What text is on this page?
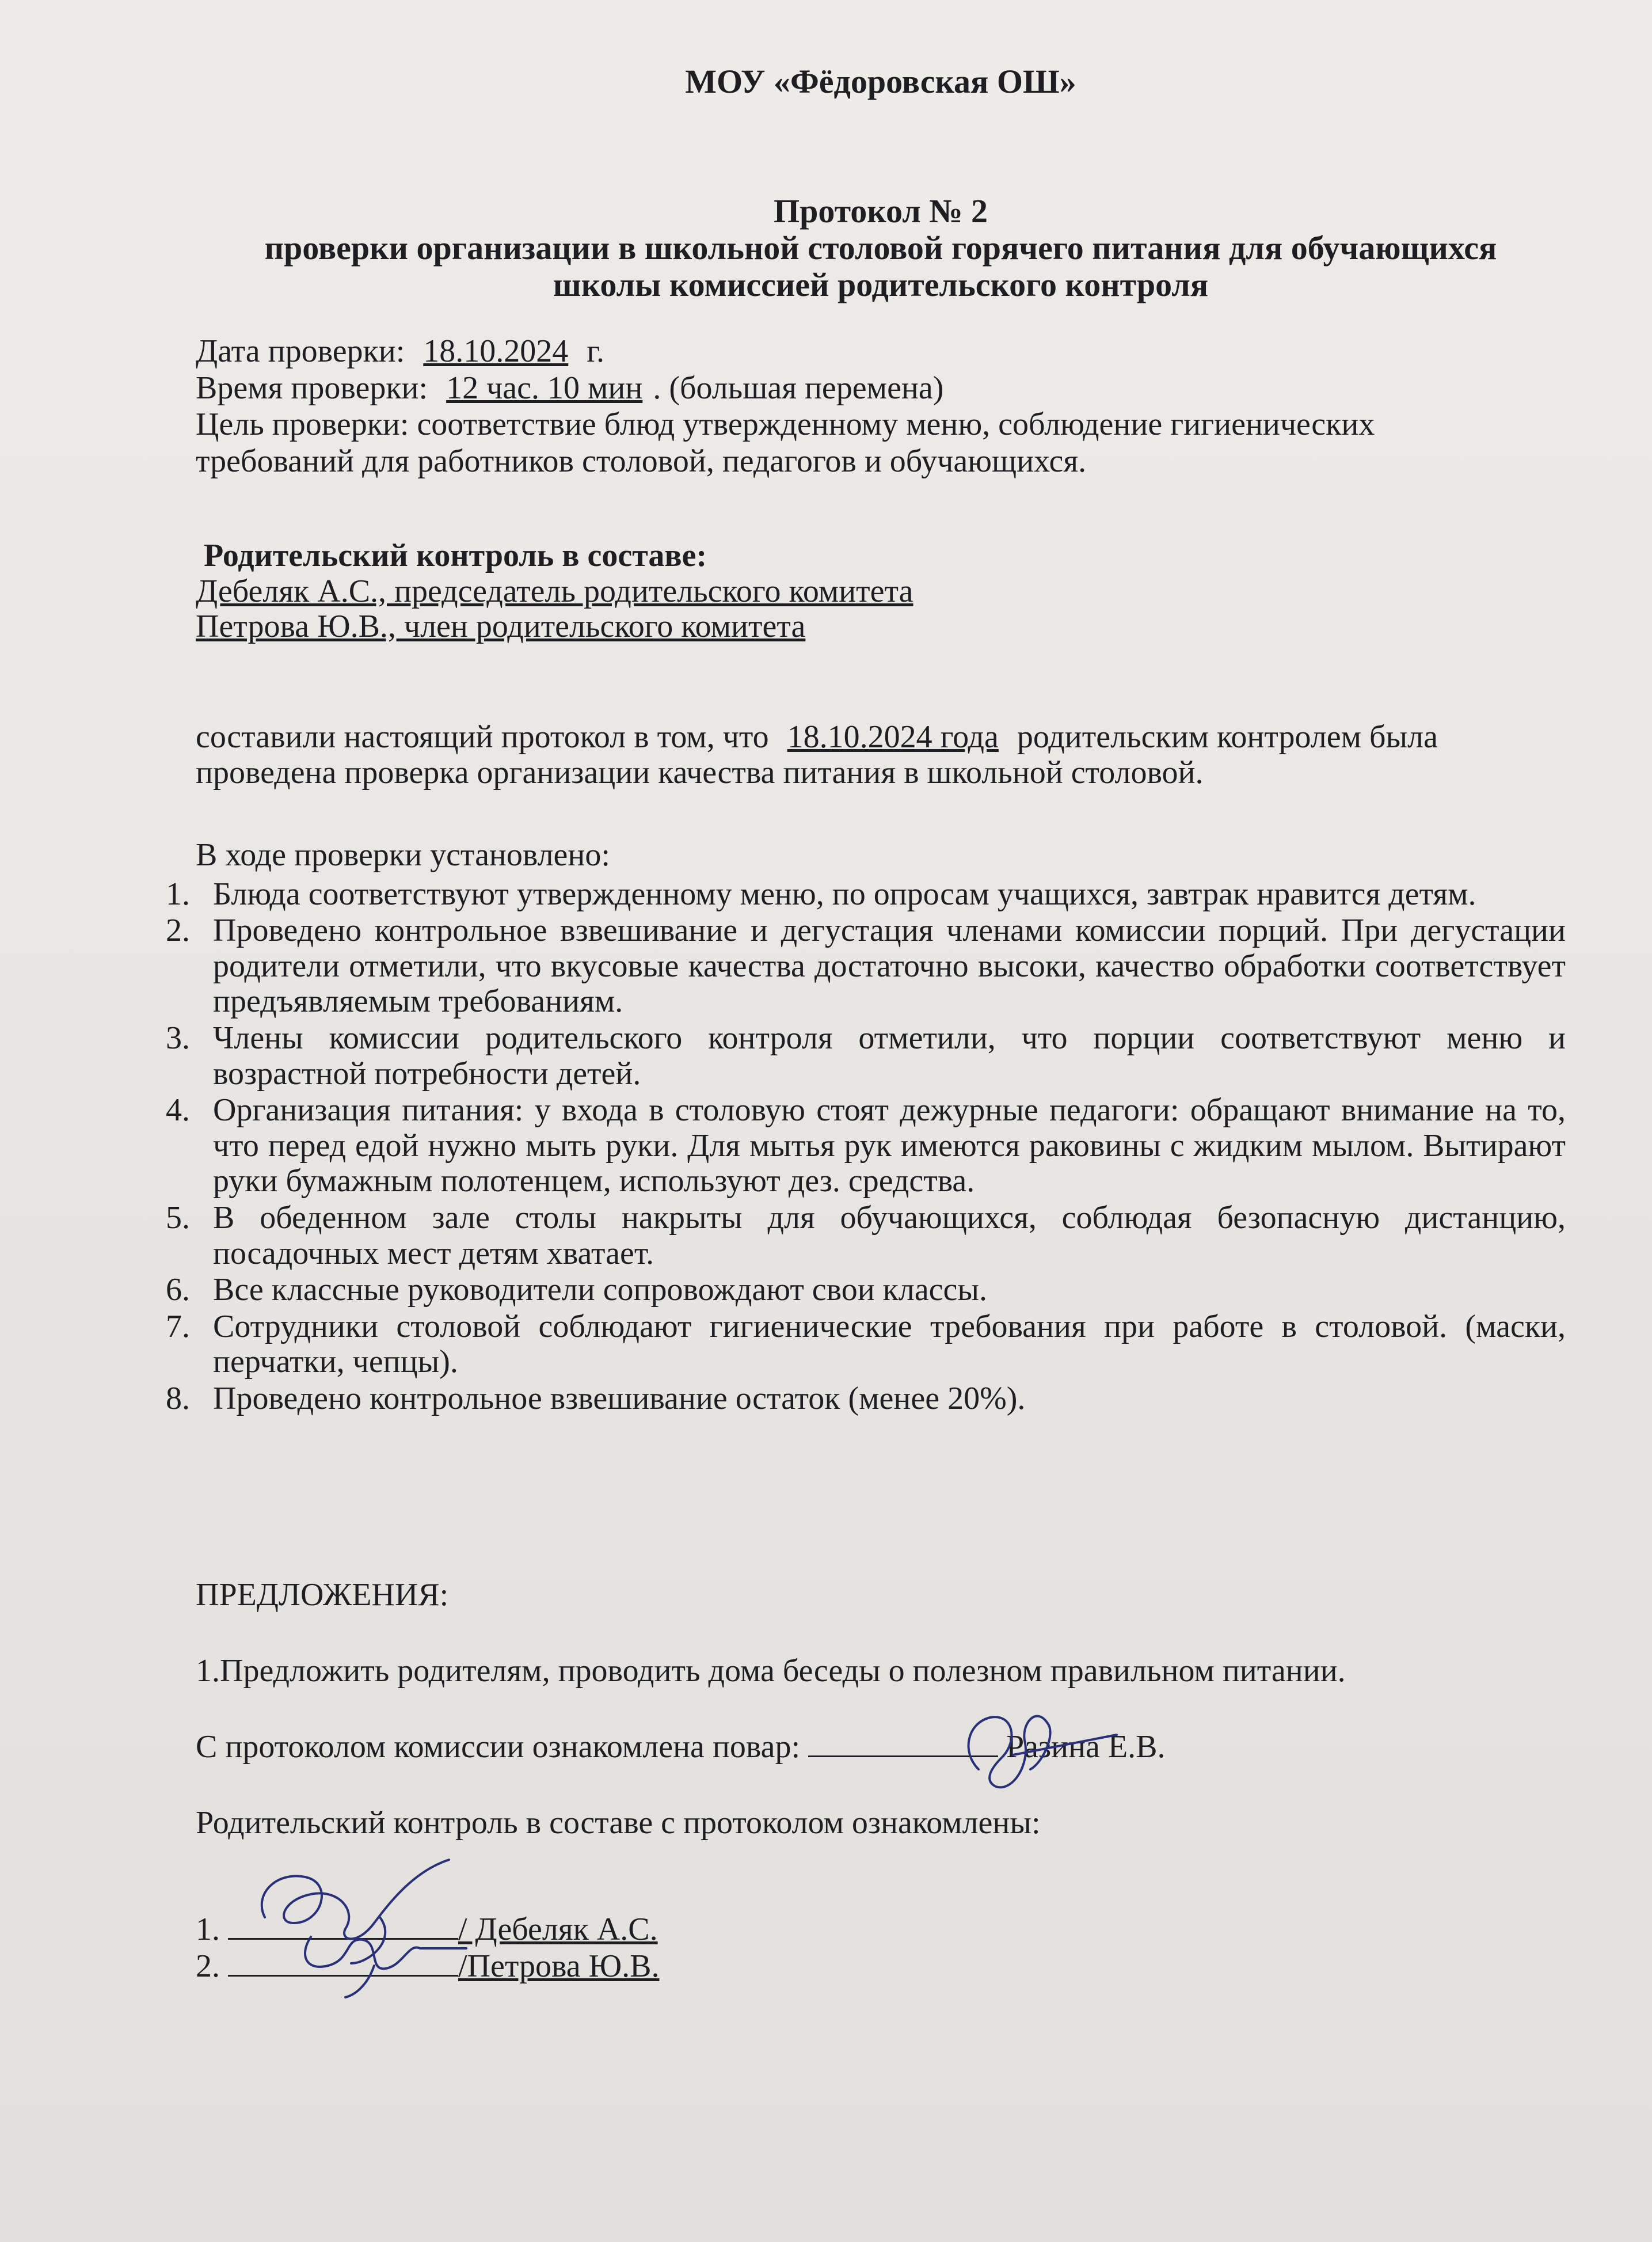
МОУ «Фёдоровская ОШ»
Протокол № 2
проверки организации в школьной столовой горячего питания для обучающихся
школы комиссией родительского контроля
Дата проверки: 18.10.2024 г.
Время проверки: 12 час. 10 мин . (большая перемена)
Цель проверки: соответствие блюд утвержденному меню, соблюдение гигиенических
требований для работников столовой, педагогов и обучающихся.
Родительский контроль в составе:
Дебеляк А.С., председатель родительского комитета
Петрова Ю.В., член родительского комитета
составили настоящий протокол в том, что 18.10.2024 года родительским контролем была
проведена проверка организации качества питания в школьной столовой.
В ходе проверки установлено:
1. Блюда соответствуют утвержденному меню, по опросам учащихся, завтрак нравится детям.
2. Проведено контрольное взвешивание и дегустация членами комиссии порций. При дегустации родители отметили, что вкусовые качества достаточно высоки, качество обработки соответствует предъявляемым требованиям.
3. Члены комиссии родительского контроля отметили, что порции соответствуют меню и возрастной потребности детей.
4. Организация питания: у входа в столовую стоят дежурные педагоги: обращают внимание на то, что перед едой нужно мыть руки. Для мытья рук имеются раковины с жидким мылом. Вытирают руки бумажным полотенцем, используют дез. средства.
5. В обеденном зале столы накрыты для обучающихся, соблюдая безопасную дистанцию, посадочных мест детям хватает.
6. Все классные руководители сопровождают свои классы.
7. Сотрудники столовой соблюдают гигиенические требования при работе в столовой. (маски, перчатки, чепцы).
8. Проведено контрольное взвешивание остаток (менее 20%).
ПРЕДЛОЖЕНИЯ:
1.Предложить родителям, проводить дома беседы о полезном правильном питании.
С протоколом комиссии ознакомлена повар:	Разина Е.В.
Родительский контроль в составе с протоколом ознакомлены:
1.	/ Дебеляк А.С.
2.	/Петрова Ю.В.
